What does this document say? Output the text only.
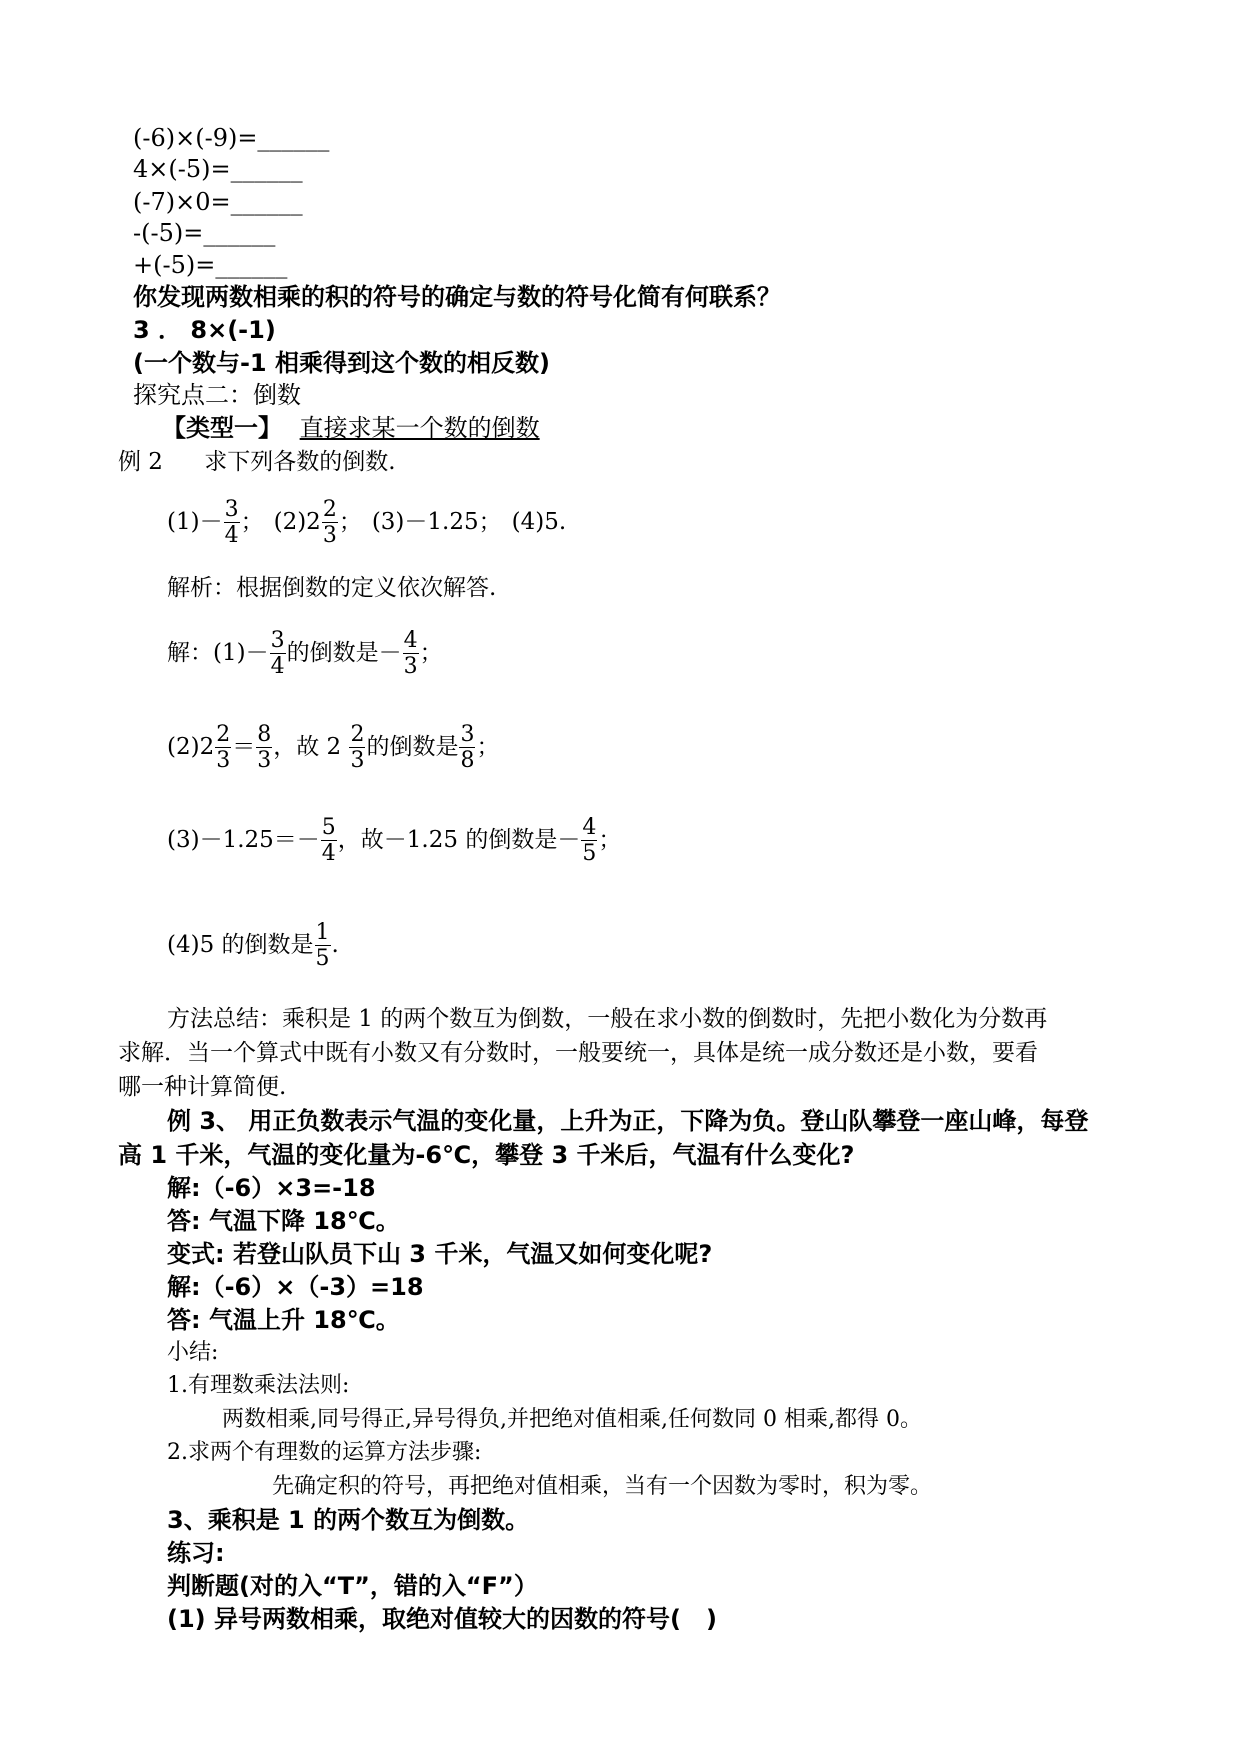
(-6)×(-9)=______
4×(-5)=______
(-7)×0=______
-(-5)=______
+(-5)=______
你发现两数相乘的积的符号的确定与数的符号化简有何联系？
3 ． 8×(-1)
(一个数与-1 相乘得到这个数的相反数)
探究点二：倒数
【类型一】 直接求某一个数的倒数
例 2 求下列各数的倒数.
$(1)- \frac{3}{4}$ ； $(2)2 \frac{2}{3}$ ； (3)－1.25； (4)5.
解析：根据倒数的定义依次解答.
解：$(1)- \frac{3}{4}$ 的倒数是－ $\frac{4}{3}$ ；
$(2)2 \frac{2}{3} = \frac{8}{3}$ ，故 $2 \frac{2}{3}$ 的倒数是 $\frac{3}{8}$ ；
$(3)-1.25=- \frac{5}{4}$ ，故－1.25 的倒数是－ $\frac{4}{5}$ ；
(4)5 的倒数是 $\frac{1}{5}$ .
方法总结：乘积是 1 的两个数互为倒数，一般在求小数的倒数时，先把小数化为分数再
求解．当一个算式中既有小数又有分数时，一般要统一，具体是统一成分数还是小数，要看
哪一种计算简便.
例 3、 用正负数表示气温的变化量，上升为正，下降为负。登山队攀登一座山峰，每登
高 1 千米，气温的变化量为-6℃，攀登 3 千米后，气温有什么变化?
解:（-6）×3=-18
答: 气温下降 18℃。
变式: 若登山队员下山 3 千米，气温又如何变化呢?
解:（-6）×（-3）=18
答: 气温上升 18℃。
小结:
1.有理数乘法法则:
两数相乘,同号得正,异号得负,并把绝对值相乘,任何数同 0 相乘,都得 0。
2.求两个有理数的运算方法步骤:
先确定积的符号，再把绝对值相乘，当有一个因数为零时，积为零。
3、乘积是 1 的两个数互为倒数。
练习:
判断题(对的入“T”，错的入“F”）
(1) 异号两数相乘，取绝对值较大的因数的符号(   )
